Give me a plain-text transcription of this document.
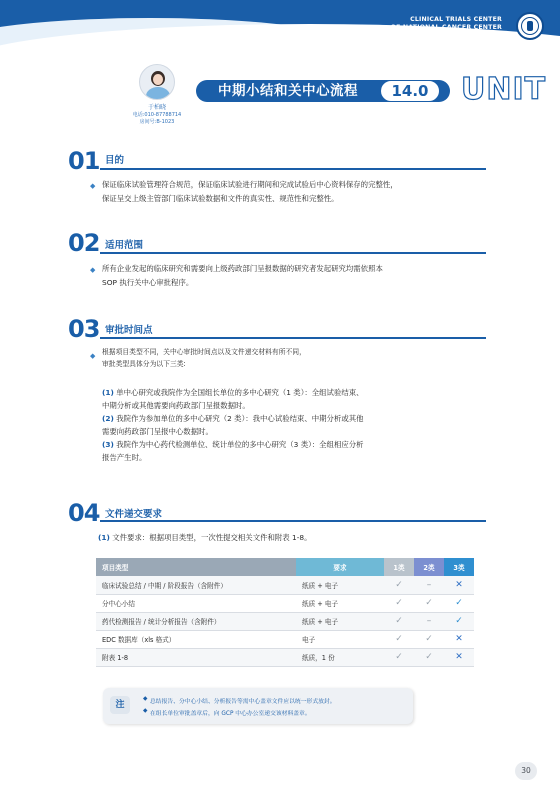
CLINICAL TRIALS CENTER
OF NATIONAL CANCER CENTER
于柏晓
电话:010-87788714
房间号:B-1023
中期小结和关中心流程	14.0	UNIT
01 目的
◆ 保证临床试验管理符合规范，保证临床试验进行期间和完成试验后中心资料保存的完整性，
保证呈交上级主管部门临床试验数据和文件的真实性、规范性和完整性。
02 适用范围
◆ 所有企业发起的临床研究和需要向上级药政部门呈报数据的研究者发起研究均需依照本
SOP 执行关中心审批程序。
03 审批时间点
◆ 根据项目类型不同，关中心审批时间点以及文件递交材料有所不同，
审批类型具体分为以下三类:
(1) 单中心研究或我院作为全国组长单位的多中心研究（1 类）：全组试验结束、
中期分析或其他需要向药政部门呈报数据时。
(2) 我院作为参加单位的多中心研究（2 类）：我中心试验结束、中期分析或其他
需要向药政部门呈报中心数据时。
(3) 我院作为中心药代检测单位、统计单位的多中心研究（3 类）：全组相应分析
报告产生时。
04 文件递交要求
(1) 文件要求：根据项目类型，一次性提交相关文件和附表 1-8。
项目类型	要求	1类	2类	3类
临床试验总结 / 中期 / 阶段报告（含附件）	纸质 + 电子	✓	–	✕
分中心小结	纸质 + 电子	✓	✓	✓
药代检测报告 / 统计分析报告（含附件）	纸质 + 电子	✓	–	✓
EDC 数据库（xls 格式）	电子	✓	✓	✕
附表 1-8	纸质，1 份	✓	✓	✕
注
◆ 总结报告、分中心小结、分析报告等需中心盖章文件应以统一形式放封。
◆ 在组长单位审批盖章后，向 GCP 中心办公室递交该材料盖章。
30
